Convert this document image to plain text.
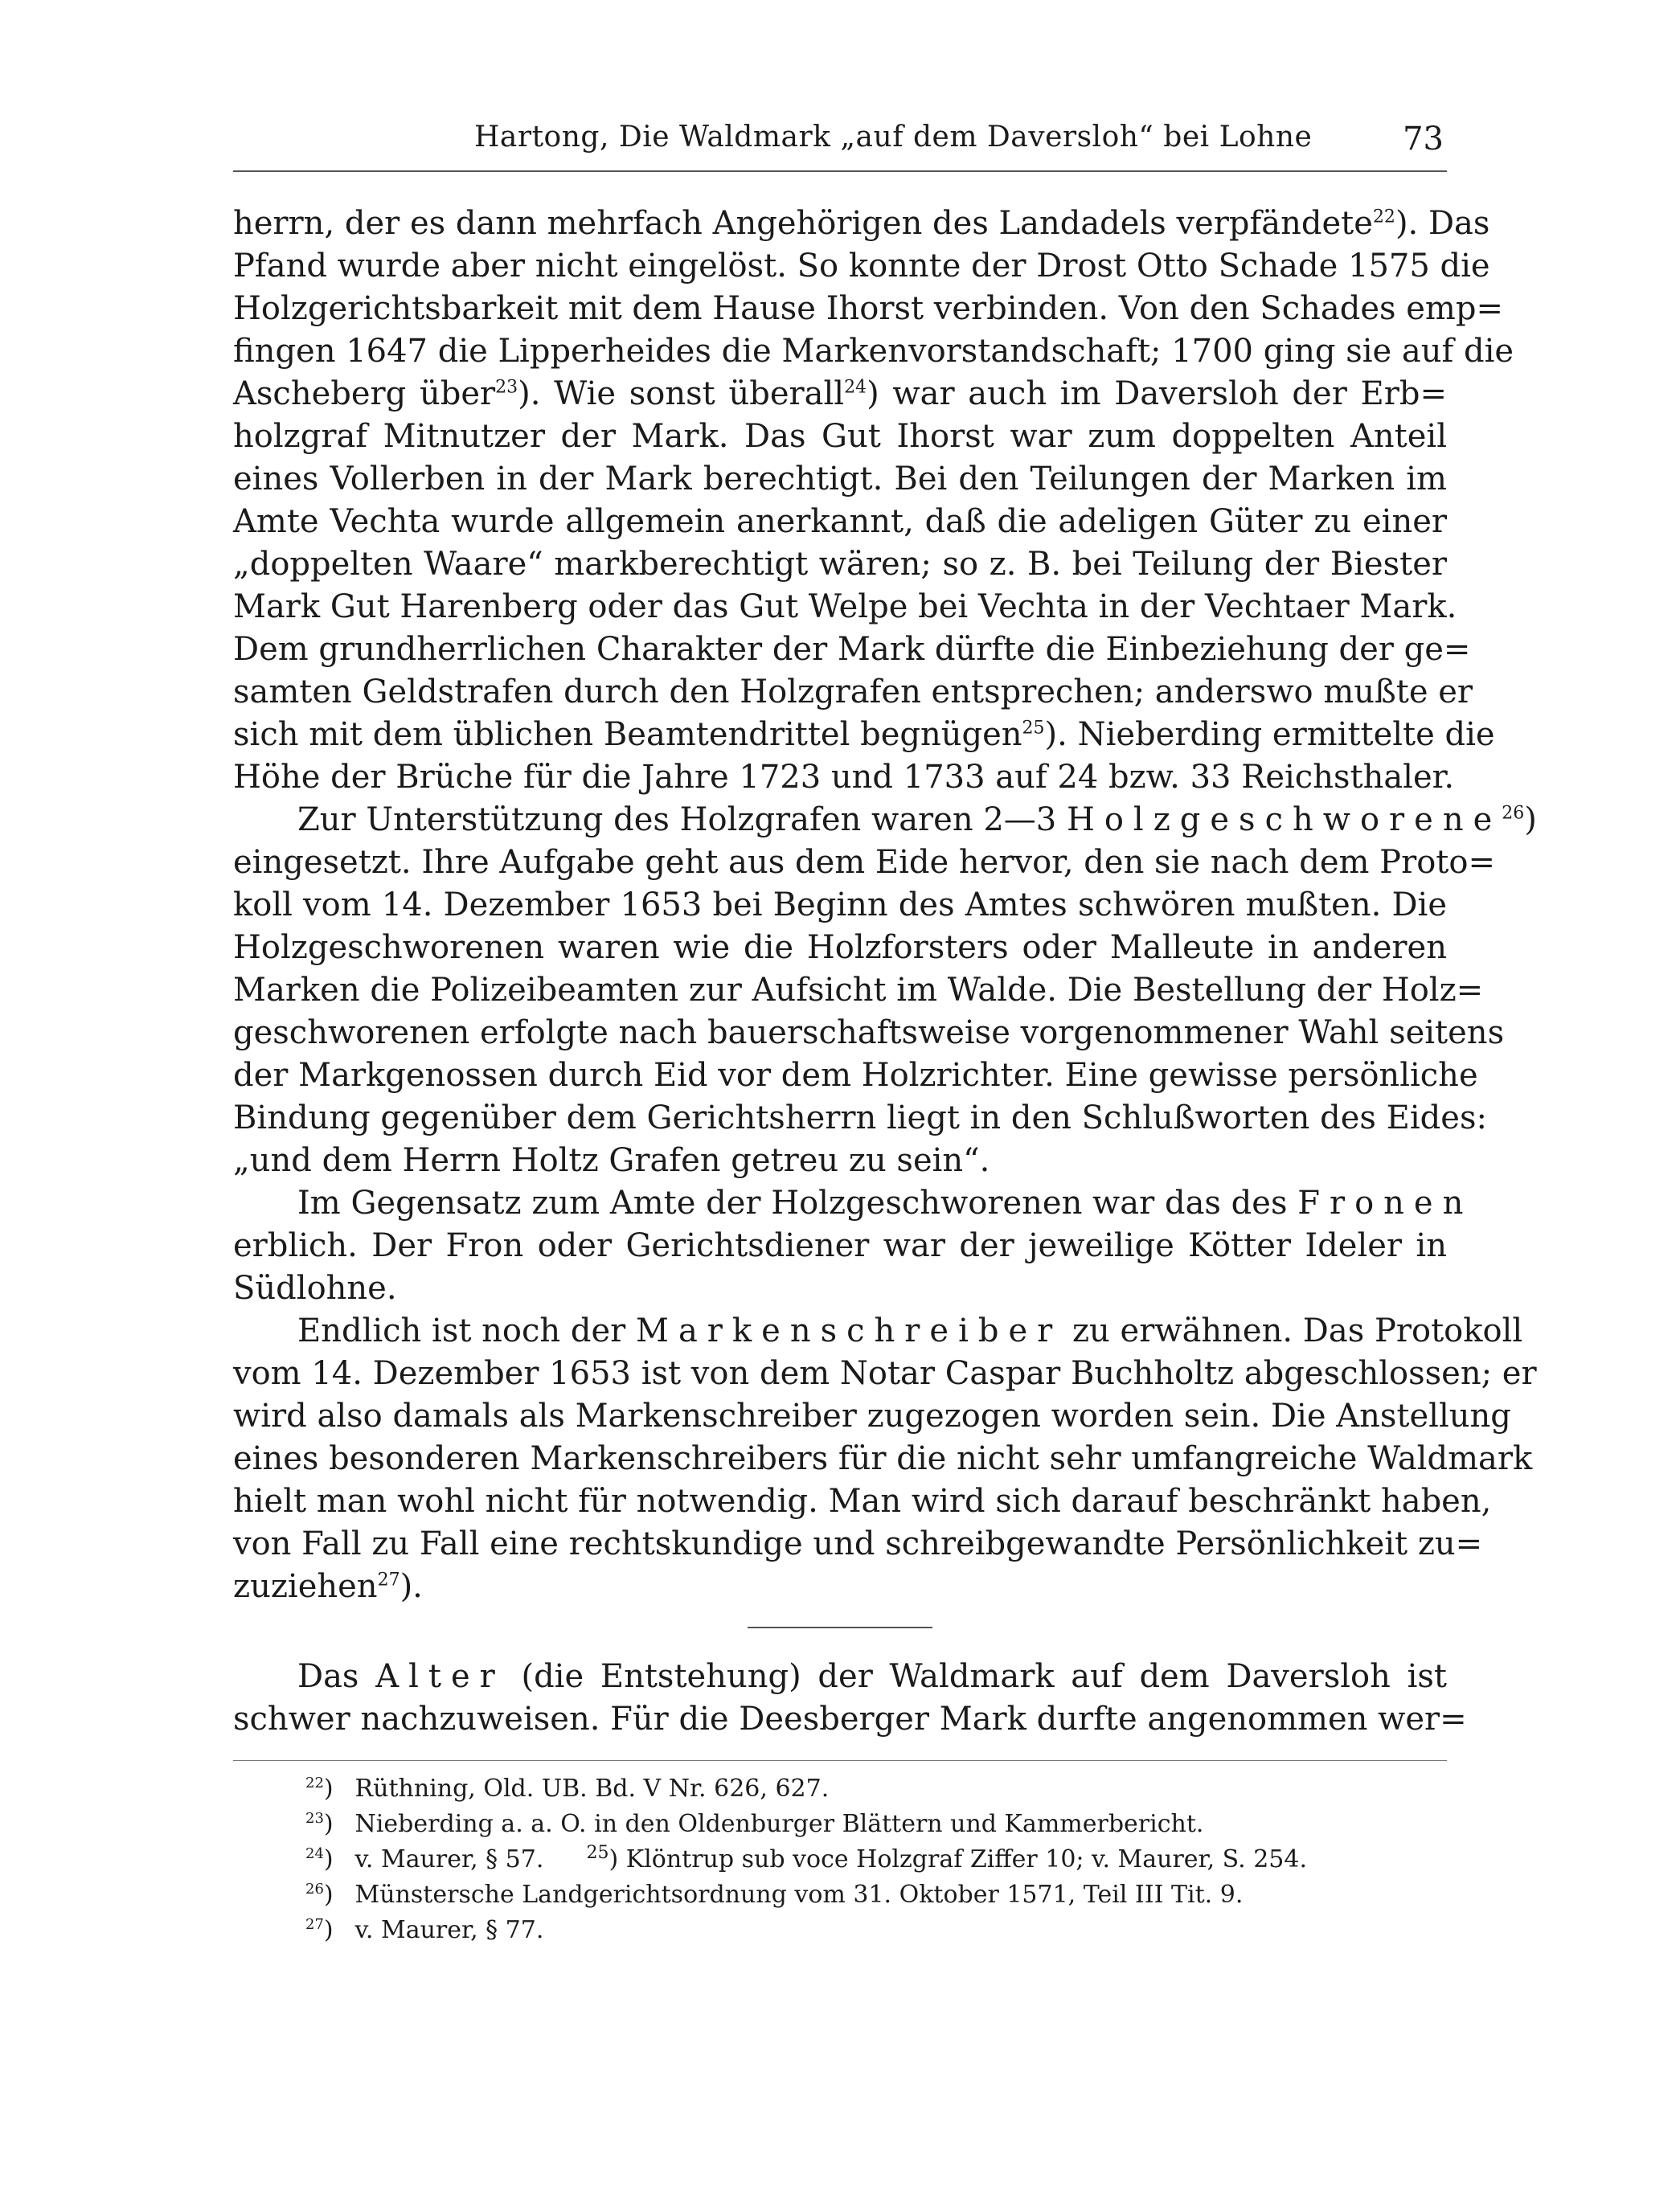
Hartong, Die Waldmark „auf dem Daversloh“ bei Lohne	73
herrn, der es dann mehrfach Angehörigen des Landadels verpfändete$^{22}$). Das
Pfand wurde aber nicht eingelöst. So konnte der Drost Otto Schade 1575 die
Holzgerichtsbarkeit mit dem Hause Ihorst verbinden. Von den Schades emp=
fingen 1647 die Lipperheides die Markenvorstandschaft; 1700 ging sie auf die
Ascheberg über$^{23}$). Wie sonst überall$^{24}$) war auch im Daversloh der Erb=
holzgraf Mitnutzer der Mark. Das Gut Ihorst war zum doppelten Anteil
eines Vollerben in der Mark berechtigt. Bei den Teilungen der Marken im
Amte Vechta wurde allgemein anerkannt, daß die adeligen Güter zu einer
„doppelten Waare“ markberechtigt wären; so z. B. bei Teilung der Biester
Mark Gut Harenberg oder das Gut Welpe bei Vechta in der Vechtaer Mark.
Dem grundherrlichen Charakter der Mark dürfte die Einbeziehung der ge=
samten Geldstrafen durch den Holzgrafen entsprechen; anderswo mußte er
sich mit dem üblichen Beamtendrittel begnügen$^{25}$). Nieberding ermittelte die
Höhe der Brüche für die Jahre 1723 und 1733 auf 24 bzw. 33 Reichsthaler.
Zur Unterstützung des Holzgrafen waren 2—3 Holzgeschworene$^{26}$)
eingesetzt. Ihre Aufgabe geht aus dem Eide hervor, den sie nach dem Proto=
koll vom 14. Dezember 1653 bei Beginn des Amtes schwören mußten. Die
Holzgeschworenen waren wie die Holzforsters oder Malleute in anderen
Marken die Polizeibeamten zur Aufsicht im Walde. Die Bestellung der Holz=
geschworenen erfolgte nach bauerschaftsweise vorgenommener Wahl seitens
der Markgenossen durch Eid vor dem Holzrichter. Eine gewisse persönliche
Bindung gegenüber dem Gerichtsherrn liegt in den Schlußworten des Eides:
„und dem Herrn Holtz Grafen getreu zu sein“.
Im Gegensatz zum Amte der Holzgeschworenen war das des Fronen
erblich. Der Fron oder Gerichtsdiener war der jeweilige Kötter Ideler in
Südlohne.
Endlich ist noch der Markenschreiber zu erwähnen. Das Protokoll
vom 14. Dezember 1653 ist von dem Notar Caspar Buchholtz abgeschlossen; er
wird also damals als Markenschreiber zugezogen worden sein. Die Anstellung
eines besonderen Markenschreibers für die nicht sehr umfangreiche Waldmark
hielt man wohl nicht für notwendig. Man wird sich darauf beschränkt haben,
von Fall zu Fall eine rechtskundige und schreibgewandte Persönlichkeit zu=
zuziehen$^{27}$).
Das Alter (die Entstehung) der Waldmark auf dem Daversloh ist
schwer nachzuweisen. Für die Deesberger Mark durfte angenommen wer=
$^{22}$) Rüthning, Old. UB. Bd. V Nr. 626, 627.
$^{23}$) Nieberding a. a. O. in den Oldenburger Blättern und Kammerbericht.
$^{24}$) v. Maurer, § 57. $^{25}$) Klöntrup sub voce Holzgraf Ziffer 10; v. Maurer, S. 254.
$^{26}$) Münstersche Landgerichtsordnung vom 31. Oktober 1571, Teil III Tit. 9.
$^{27}$) v. Maurer, § 77.
